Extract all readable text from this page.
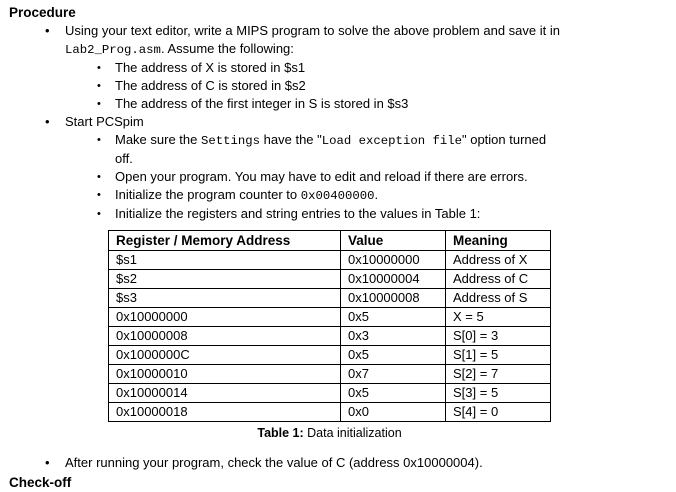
Procedure
•	Using your text editor, write a MIPS program to solve the above problem and save it in
Lab2_Prog.asm. Assume the following:
•	The address of X is stored in $s1
•	The address of C is stored in $s2
•	The address of the first integer in S is stored in $s3
•	Start PCSpim
•	Make sure the Settings have the "Load exception file" option turned
off.
•	Open your program. You may have to edit and reload if there are errors.
•	Initialize the program counter to 0x00400000.
•	Initialize the registers and string entries to the values in Table 1:
Register / Memory Address	Value	Meaning
$s1	0x10000000	Address of X
$s2	0x10000004	Address of C
$s3	0x10000008	Address of S
0x10000000	0x5	X = 5
0x10000008	0x3	S[0] = 3
0x1000000C	0x5	S[1] = 5
0x10000010	0x7	S[2] = 7
0x10000014	0x5	S[3] = 5
0x10000018	0x0	S[4] = 0
Table 1: Data initialization
•	After running your program, check the value of C (address 0x10000004).
Check-off
